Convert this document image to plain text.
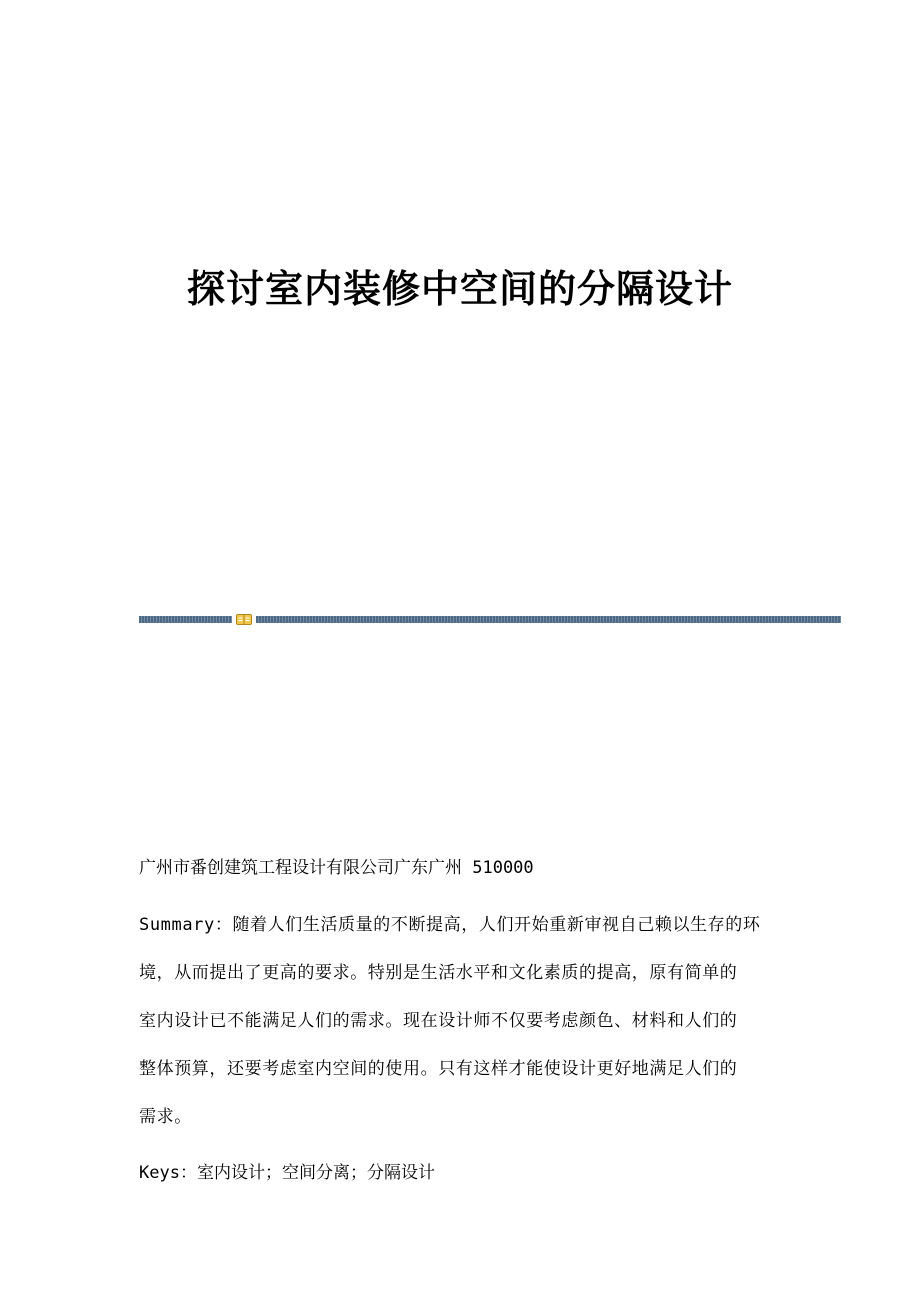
探讨室内装修中空间的分隔设计
广州市番创建筑工程设计有限公司广东广州 510000
Summary：随着人们生活质量的不断提高，人们开始重新审视自己赖以生存的环
境，从而提出了更高的要求。特别是生活水平和文化素质的提高，原有简单的
室内设计已不能满足人们的需求。现在设计师不仅要考虑颜色、材料和人们的
整体预算，还要考虑室内空间的使用。只有这样才能使设计更好地满足人们的
需求。
Keys：室内设计；空间分离；分隔设计
